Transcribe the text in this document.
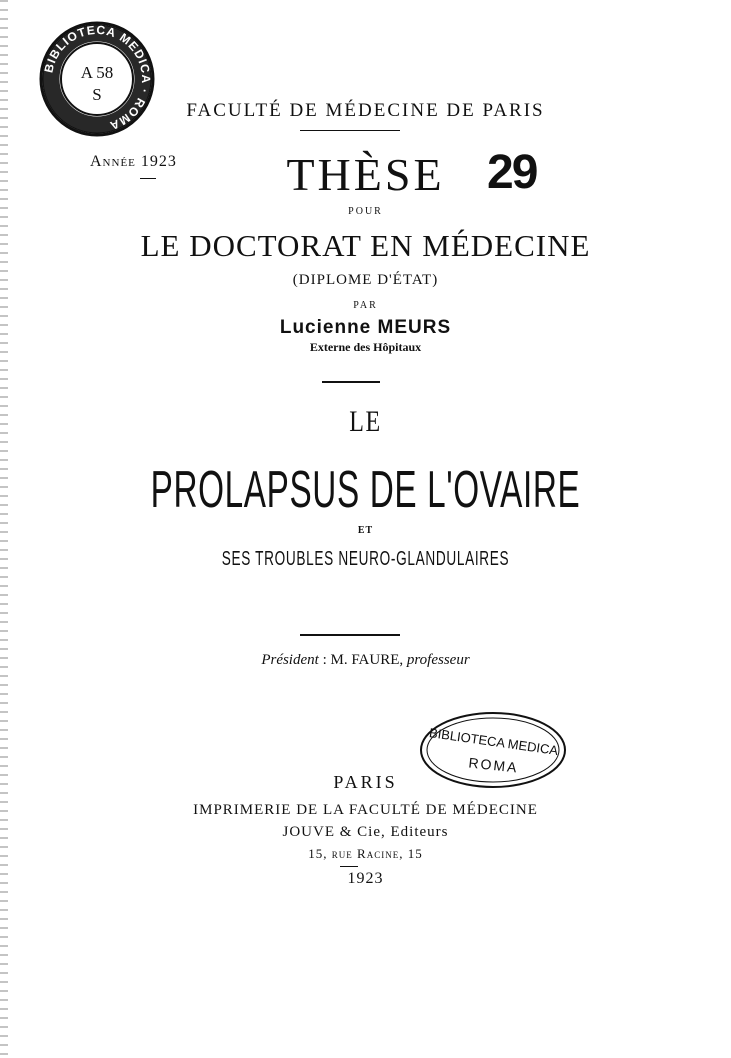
BIBLIOTECA MEDICA · ROMA
A 58
S
FACULTÉ DE MÉDECINE DE PARIS
Année 1923	THÈSE 29
POUR
LE DOCTORAT EN MÉDECINE
(DIPLOME D'ÉTAT)
PAR
Lucienne MEURS
Externe des Hôpitaux
LE
PROLAPSUS DE L'OVAIRE
ET
SES TROUBLES NEURO-GLANDULAIRES
Président : M. FAURE, professeur
BIBLIOTECA MEDICA
ROMA
PARIS
IMPRIMERIE DE LA FACULTÉ DE MÉDECINE
JOUVE & Cie, Editeurs
15, rue Racine, 15
1923
